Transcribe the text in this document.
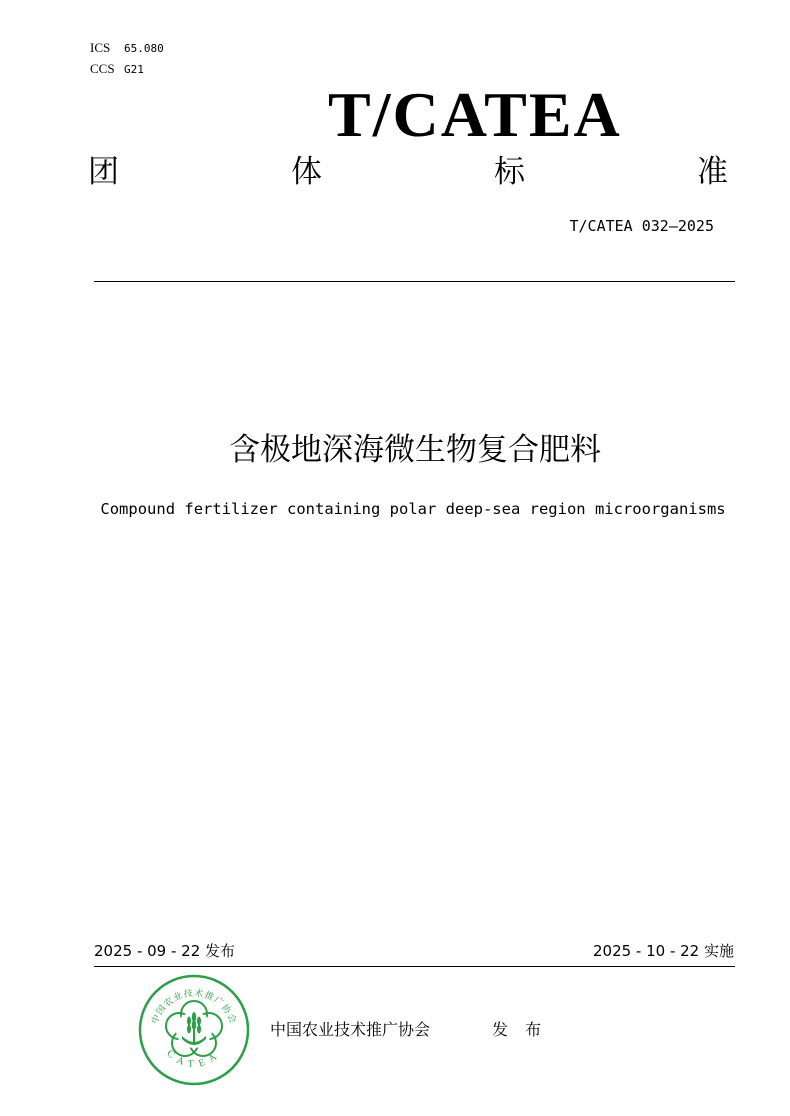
ICS 65.080
CCS G21
T/CATEA
团	体	标	准
T/CATEA 032—2025
含极地深海微生物复合肥料
Compound fertilizer containing polar deep-sea region microorganisms
2025 - 09 - 22 发布	2025 - 10 - 22 实施
中国农业技术推广协会
CATEA
中国农业技术推广协会	发 布
